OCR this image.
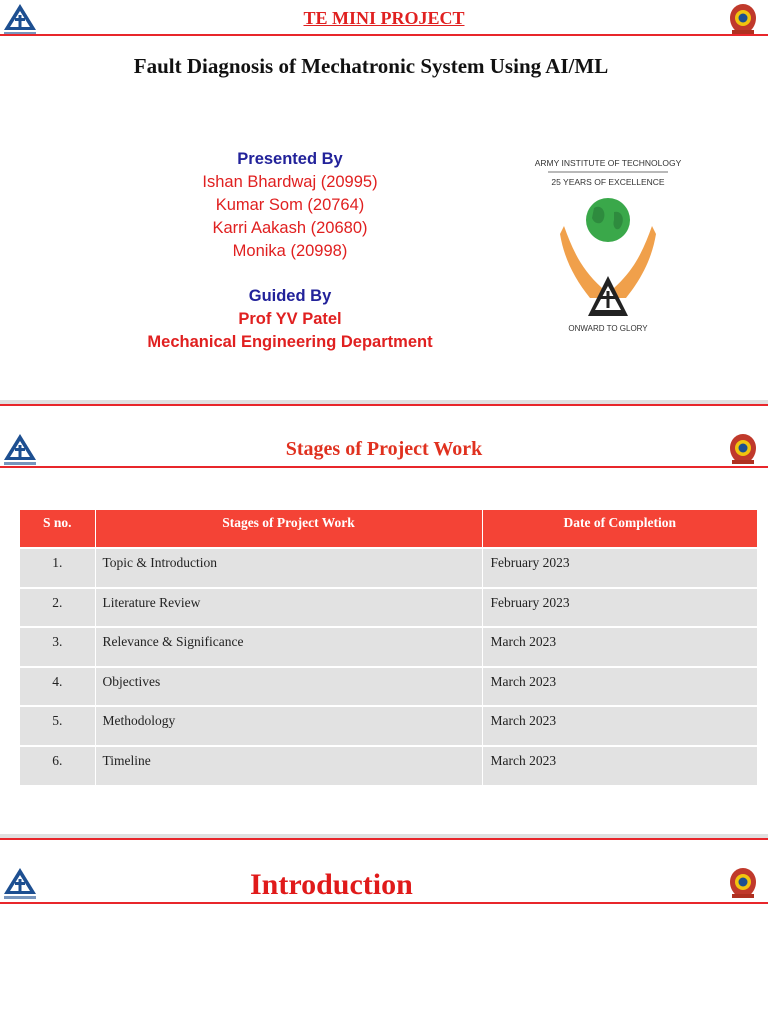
TE MINI PROJECT
Fault Diagnosis of Mechatronic System Using AI/ML
Presented By
Ishan Bhardwaj (20995)
Kumar Som (20764)
Karri Aakash (20680)
Monika (20998)
Guided By
Prof YV Patel
Mechanical Engineering Department
ARMY INSTITUTE OF TECHNOLOGY
25 YEARS OF EXCELLENCE
ONWARD TO GLORY
Stages of Project Work
S no.	Stages of Project Work	Date of Completion
1.	Topic & Introduction	February 2023
2.	Literature Review	February 2023
3.	Relevance & Significance	March 2023
4.	Objectives	March 2023
5.	Methodology	March 2023
6.	Timeline	March 2023
Introduction
